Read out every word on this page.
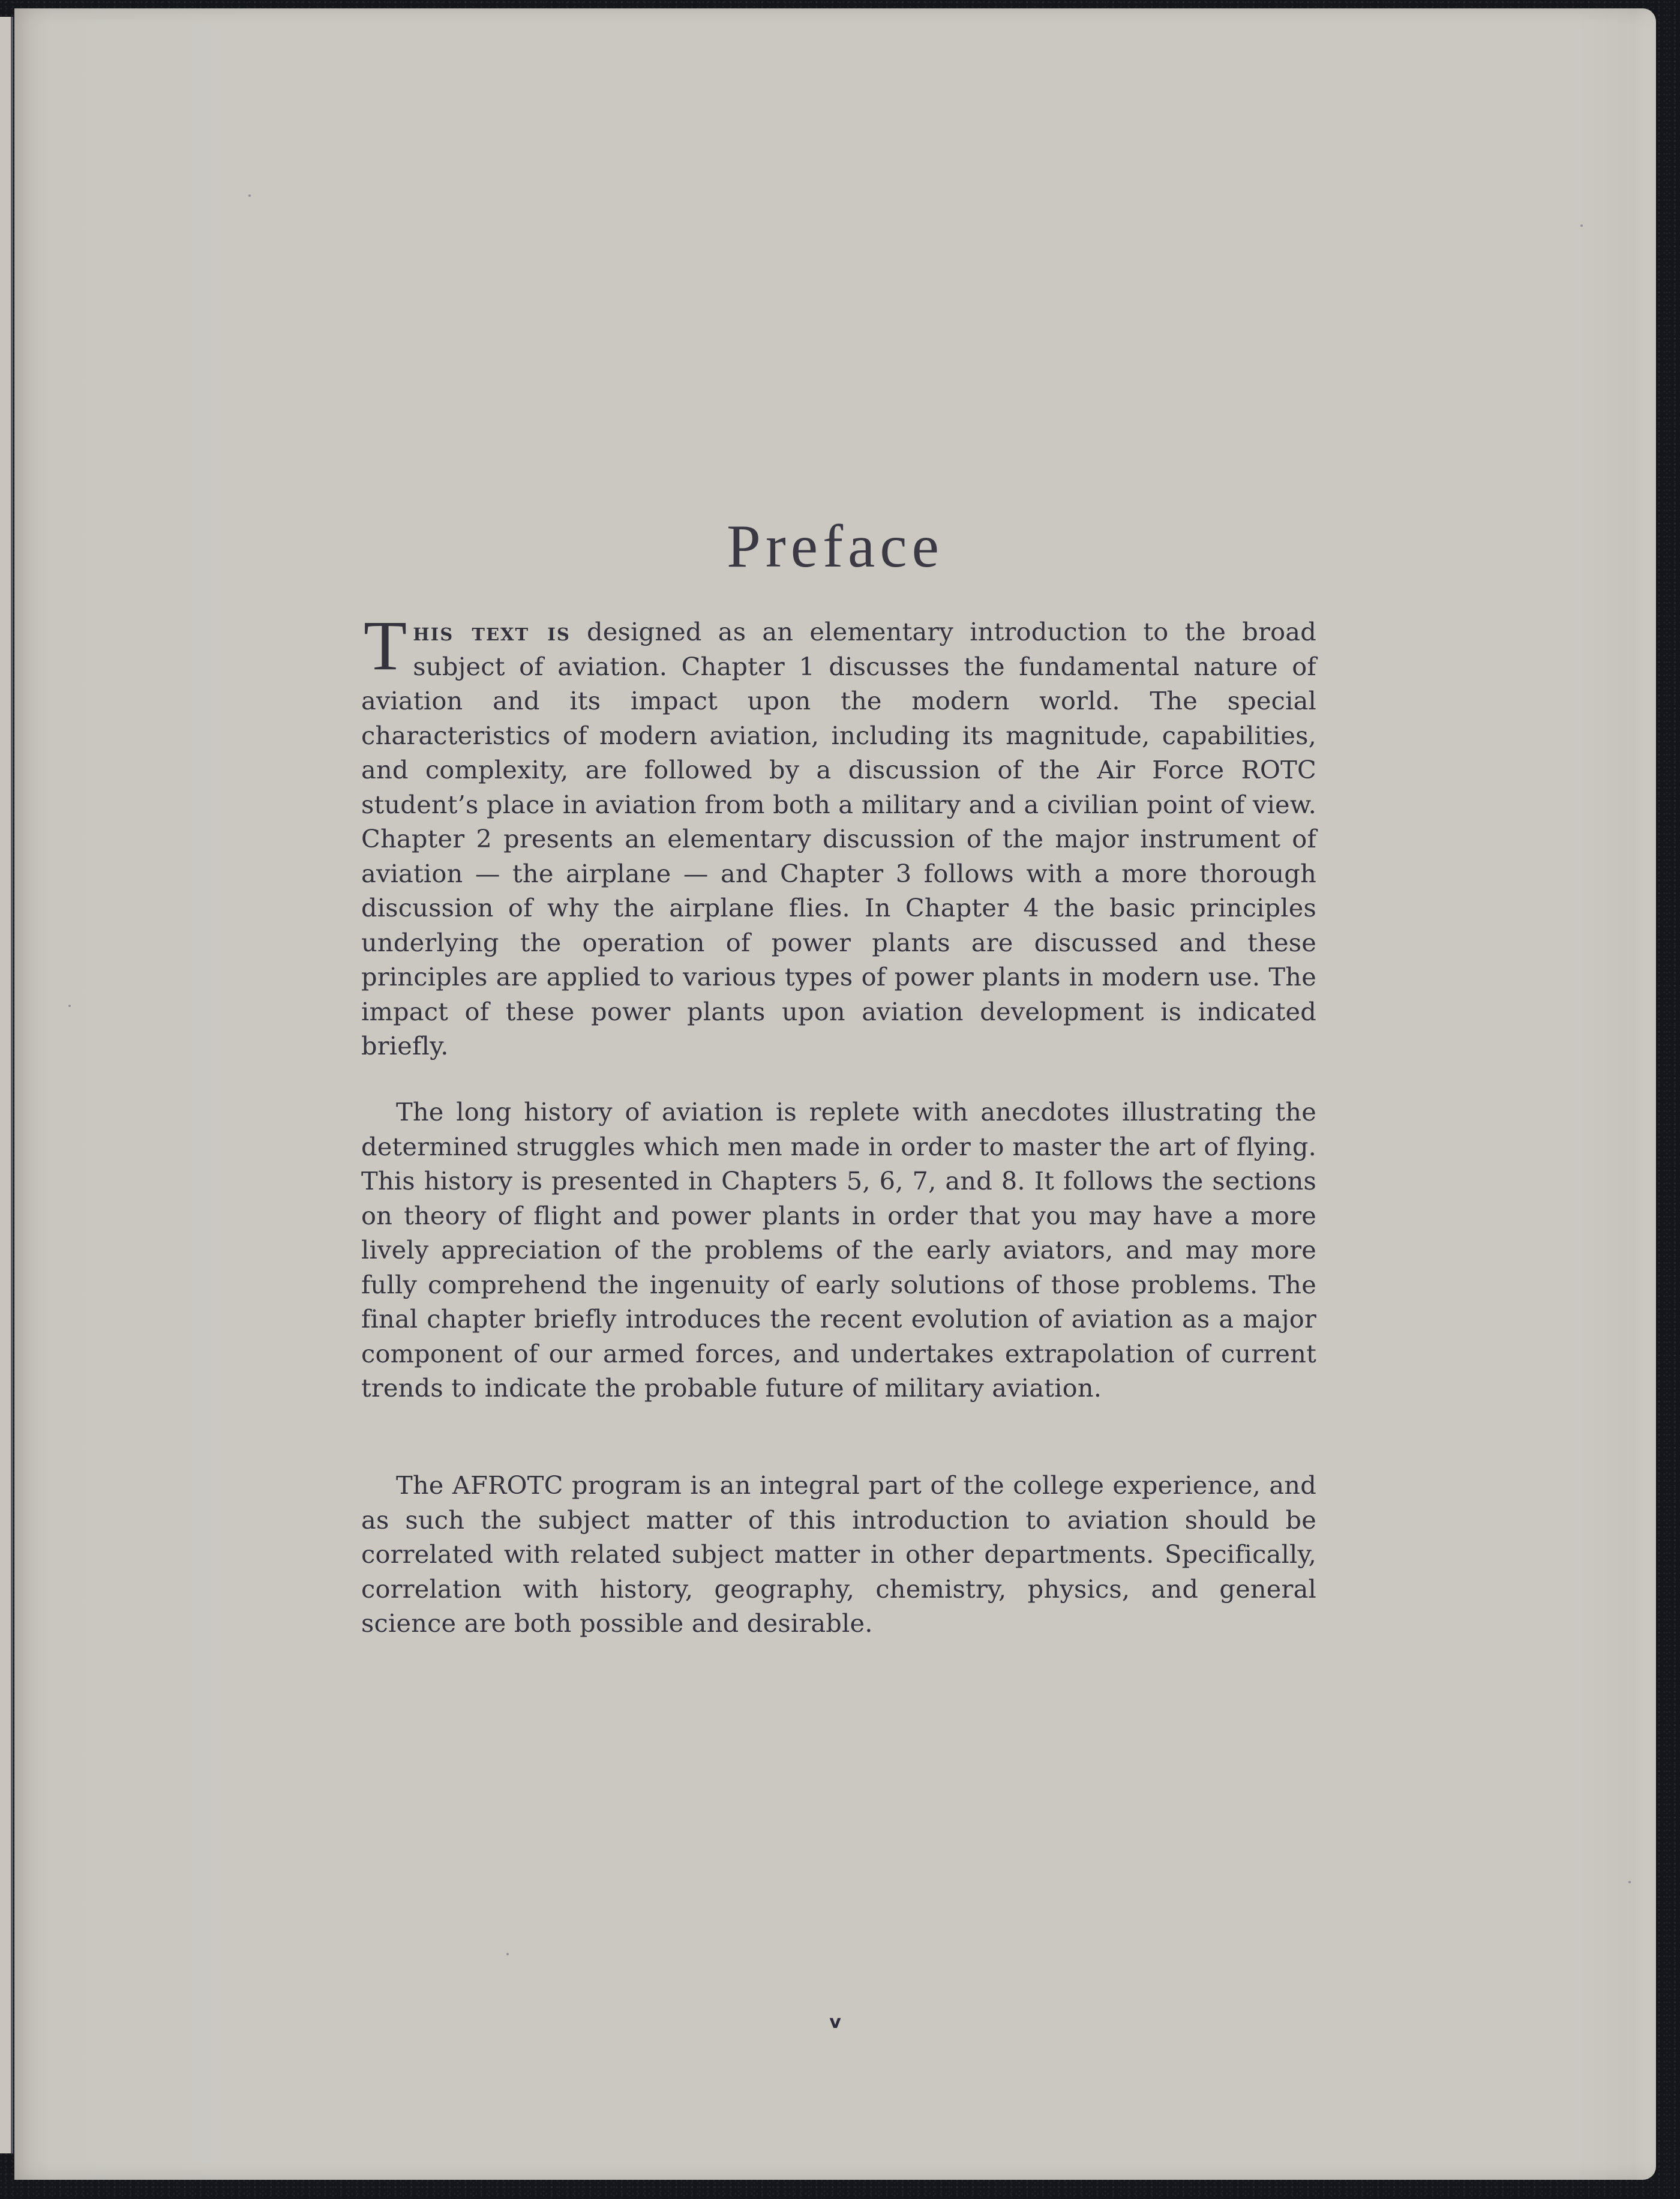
Preface

This text is designed as an elementary introduction to the broad subject of aviation. Chapter 1 discusses the fundamental nature of aviation and its impact upon the modern world. The special characteristics of modern aviation, including its magnitude, capabilities, and complexity, are followed by a discussion of the Air Force ROTC student’s place in aviation from both a military and a civilian point of view. Chapter 2 presents an elementary discussion of the major instrument of aviation — the airplane — and Chapter 3 follows with a more thorough discussion of why the airplane flies. In Chapter 4 the basic principles underlying the operation of power plants are discussed and these principles are applied to various types of power plants in modern use. The impact of these power plants upon aviation development is indicated briefly.

The long history of aviation is replete with anecdotes illustrating the determined struggles which men made in order to master the art of flying. This history is presented in Chapters 5, 6, 7, and 8. It follows the sections on theory of flight and power plants in order that you may have a more lively appreciation of the problems of the early aviators, and may more fully comprehend the ingenuity of early solutions of those problems. The final chapter briefly introduces the recent evolution of aviation as a major component of our armed forces, and undertakes extrapolation of current trends to indicate the probable future of military aviation.

The AFROTC program is an integral part of the college experience, and as such the subject matter of this introduction to aviation should be correlated with related subject matter in other departments. Specifically, correlation with history, geography, chemistry, physics, and general science are both possible and desirable.

v
